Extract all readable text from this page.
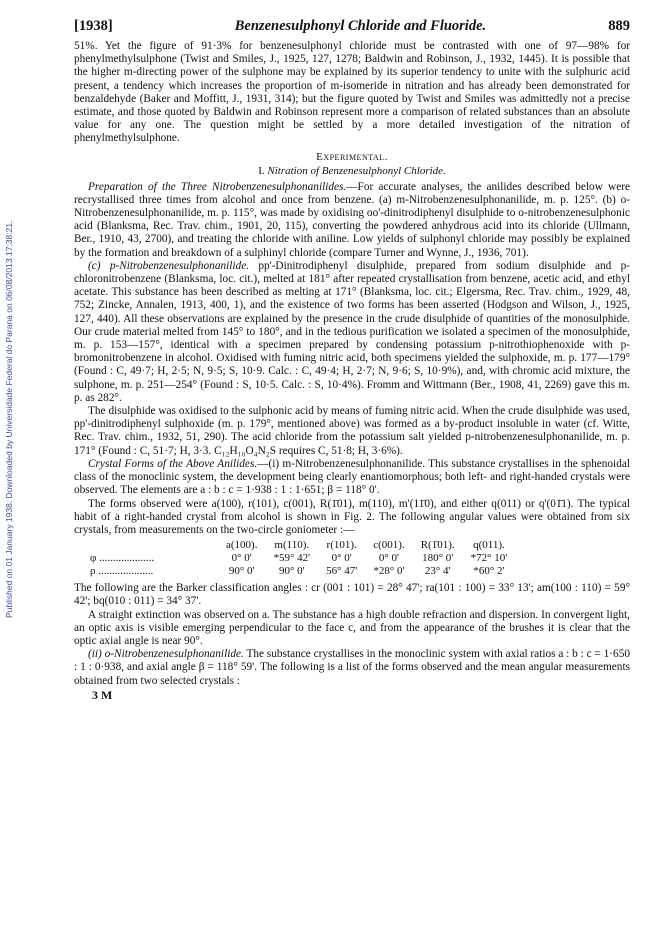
Published on 01 January 1938. Downloaded by Universidade Federal do Parana on 06/08/2013 17:38:21.
[1938]	Benzenesulphonyl Chloride and Fluoride.	889

51%. Yet the figure of 91·3% for benzenesulphonyl chloride must be contrasted with one of 97—98% for phenylmethylsulphone (Twist and Smiles, J., 1925, 127, 1278; Baldwin and Robinson, J., 1932, 1445). It is possible that the higher m-directing power of the sulphone may be explained by its superior tendency to unite with the sulphuric acid present, a tendency which increases the proportion of m-isomeride in nitration and has already been demonstrated for benzaldehyde (Baker and Moffitt, J., 1931, 314); but the figure quoted by Twist and Smiles was admittedly not a precise estimate, and those quoted by Baldwin and Robinson represent more a comparison of related substances than an absolute value for any one. The question might be settled by a more detailed investigation of the nitration of phenylmethylsulphone.

Experimental.
I. Nitration of Benzenesulphonyl Chloride.

Preparation of the Three Nitrobenzenesulphonanilides.—For accurate analyses, the anilides described below were recrystallised three times from alcohol and once from benzene. (a) m-Nitrobenzenesulphonanilide, m. p. 125°. (b) o-Nitrobenzenesulphonanilide, m. p. 115°, was made by oxidising oo'-dinitrodiphenyl disulphide to o-nitrobenzenesulphonic acid (Blanksma, Rec. Trav. chim., 1901, 20, 115), converting the powdered anhydrous acid into its chloride (Ullmann, Ber., 1910, 43, 2700), and treating the chloride with aniline. Low yields of sulphonyl chloride may possibly be explained by the formation and breakdown of a sulphinyl chloride (compare Turner and Wynne, J., 1936, 701).

(c) p-Nitrobenzenesulphonanilide. pp'-Dinitrodiphenyl disulphide, prepared from sodium disulphide and p-chloronitrobenzene (Blanksma, loc. cit.), melted at 181° after repeated crystallisation from benzene, acetic acid, and ethyl acetate. This substance has been described as melting at 171° (Blanksma, loc. cit.; Elgersma, Rec. Trav. chim., 1929, 48, 752; Zincke, Annalen, 1913, 400, 1), and the existence of two forms has been asserted (Hodgson and Wilson, J., 1925, 127, 440). All these observations are explained by the presence in the crude disulphide of quantities of the monosulphide. Our crude material melted from 145° to 180°, and in the tedious purification we isolated a specimen of the monosulphide, m. p. 153—157°, identical with a specimen prepared by condensing potassium p-nitrothiophenoxide with p-bromonitrobenzene in alcohol. Oxidised with fuming nitric acid, both specimens yielded the sulphoxide, m. p. 177—179° (Found : C, 49·7; H, 2·5; N, 9·5; S, 10·9. Calc. : C, 49·4; H, 2·7; N, 9·6; S, 10·9%), and, with chromic acid mixture, the sulphone, m. p. 251—254° (Found : S, 10·5. Calc. : S, 10·4%). Fromm and Wittmann (Ber., 1908, 41, 2269) gave this m. p. as 282°.

The disulphide was oxidised to the sulphonic acid by means of fuming nitric acid. When the crude disulphide was used, pp'-dinitrodiphenyl sulphoxide (m. p. 179°, mentioned above) was formed as a by-product insoluble in water (cf. Witte, Rec. Trav. chim., 1932, 51, 290). The acid chloride from the potassium salt yielded p-nitrobenzenesulphonanilide, m. p. 171° (Found : C, 51·7; H, 3·3. C₁₂H₁₀O₄N₂S requires C, 51·8; H, 3·6%).

Crystal Forms of the Above Anilides.—(i) m-Nitrobenzenesulphonanilide. This substance crystallises in the sphenoidal class of the monoclinic system, the development being clearly enantiomorphous; both left- and right-handed crystals were observed. The elements are a : b : c = 1·938 : 1 : 1·651; β = 118° 0'.

The forms observed were a(100), r(101), c(001), R(1̄01), m(110), m'(11̄0), and either q(011) or q'(01̄1). The typical habit of a right-handed crystal from alcohol is shown in Fig. 2. The following angular values were obtained from six crystals, from measurements on the two-circle goniometer :—

	a(100).	m(110).	r(101).	c(001).	R(1̄01).	q(011).
φ ....................	0° 0'	*59° 42'	0° 0'	0° 0'	180° 0'	*72° 10'
ρ ....................	90° 0'	90° 0'	56° 47'	*28° 0'	23° 4'	*60° 2'

The following are the Barker classification angles : cr (001 : 101) = 28° 47'; ra(101 : 100) = 33° 13'; am(100 : 110) = 59° 42'; bq(010 : 011) = 34° 37'.

A straight extinction was observed on a. The substance has a high double refraction and dispersion. In convergent light, an optic axis is visible emerging perpendicular to the face c, and from the appearance of the brushes it is clear that the optic axial angle is near 90°.

(ii) o-Nitrobenzenesulphonanilide. The substance crystallises in the monoclinic system with axial ratios a : b : c = 1·650 : 1 : 0·938, and axial angle β = 118° 59'. The following is a list of the forms observed and the mean angular measurements obtained from two selected crystals :

3 M
